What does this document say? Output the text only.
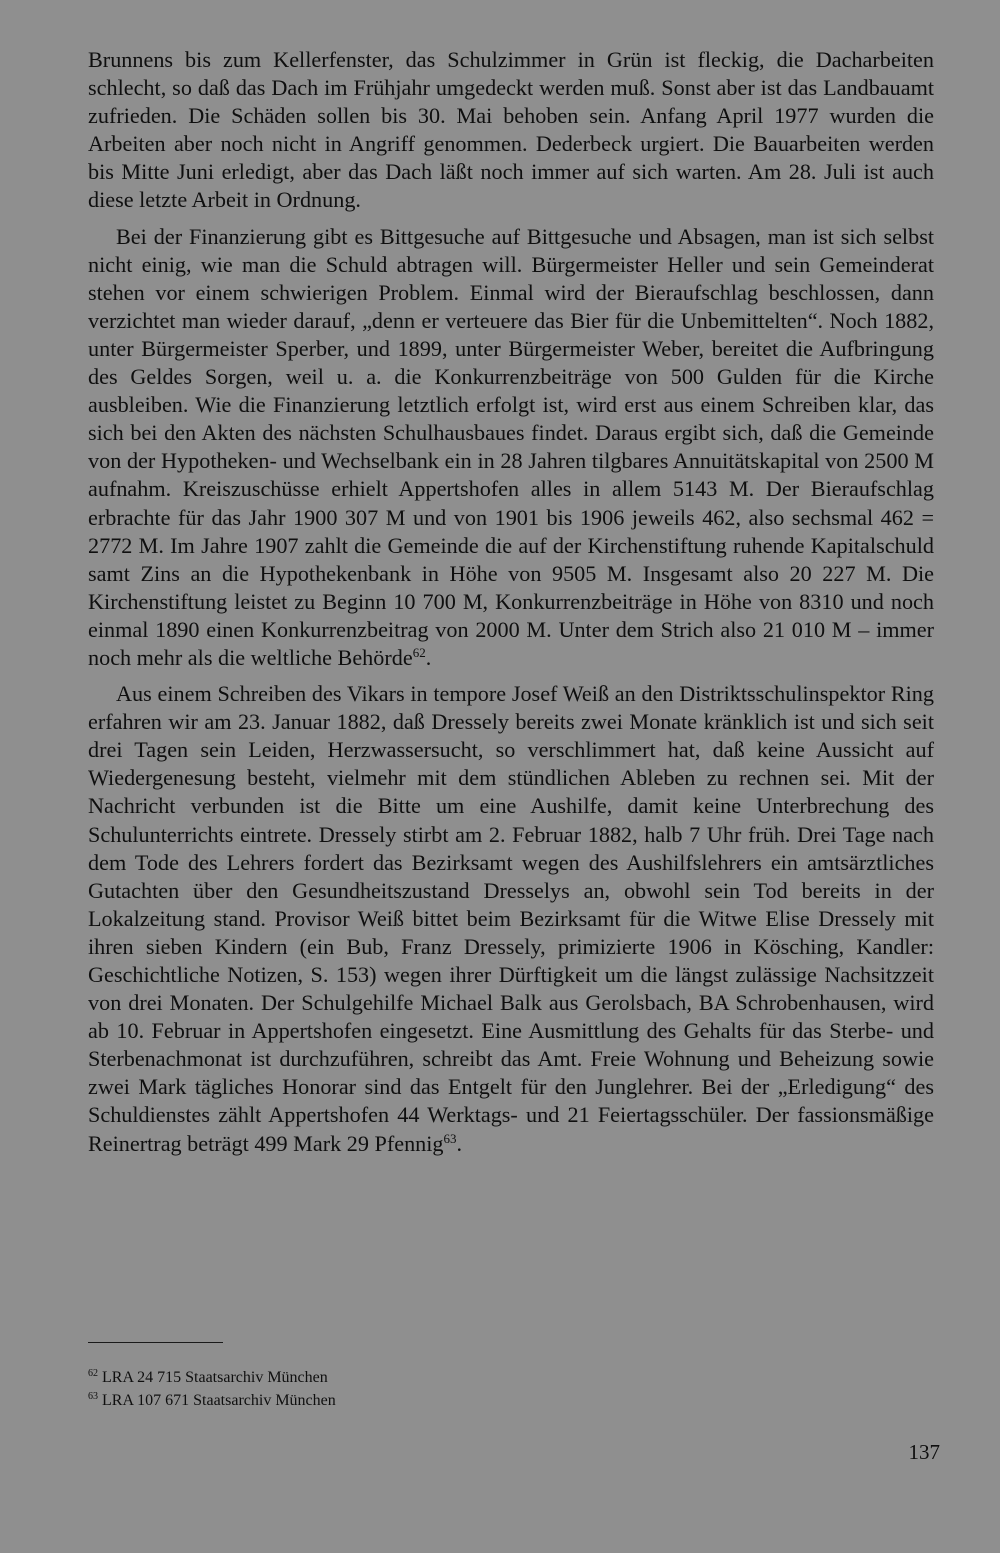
Brunnens bis zum Kellerfenster, das Schulzimmer in Grün ist fleckig, die Dacharbeiten schlecht, so daß das Dach im Frühjahr umgedeckt werden muß. Sonst aber ist das Landbauamt zufrieden. Die Schäden sollen bis 30. Mai behoben sein. Anfang April 1977 wurden die Arbeiten aber noch nicht in Angriff genommen. Dederbeck urgiert. Die Bauarbeiten werden bis Mitte Juni erledigt, aber das Dach läßt noch immer auf sich warten. Am 28. Juli ist auch diese letzte Arbeit in Ordnung.

Bei der Finanzierung gibt es Bittgesuche auf Bittgesuche und Absagen, man ist sich selbst nicht einig, wie man die Schuld abtragen will. Bürgermeister Heller und sein Gemeinderat stehen vor einem schwierigen Problem. Einmal wird der Bieraufschlag beschlossen, dann verzichtet man wieder darauf, „denn er verteuere das Bier für die Unbemittelten“. Noch 1882, unter Bürgermeister Sperber, und 1899, unter Bürgermeister Weber, bereitet die Aufbringung des Geldes Sorgen, weil u. a. die Konkurrenzbeiträge von 500 Gulden für die Kirche ausbleiben. Wie die Finanzierung letztlich erfolgt ist, wird erst aus einem Schreiben klar, das sich bei den Akten des nächsten Schulhausbaues findet. Daraus ergibt sich, daß die Gemeinde von der Hypotheken- und Wechselbank ein in 28 Jahren tilgbares Annuitätskapital von 2500 M aufnahm. Kreiszuschüsse erhielt Appertshofen alles in allem 5143 M. Der Bieraufschlag erbrachte für das Jahr 1900 307 M und von 1901 bis 1906 jeweils 462, also sechsmal 462 = 2772 M. Im Jahre 1907 zahlt die Gemeinde die auf der Kirchenstiftung ruhende Kapitalschuld samt Zins an die Hypothekenbank in Höhe von 9505 M. Insgesamt also 20 227 M. Die Kirchenstiftung leistet zu Beginn 10 700 M, Konkurrenzbeiträge in Höhe von 8310 und noch einmal 1890 einen Konkurrenzbeitrag von 2000 M. Unter dem Strich also 21 010 M – immer noch mehr als die weltliche Behörde$^{62}$.

Aus einem Schreiben des Vikars in tempore Josef Weiß an den Distriktsschulinspektor Ring erfahren wir am 23. Januar 1882, daß Dressely bereits zwei Monate kränklich ist und sich seit drei Tagen sein Leiden, Herzwassersucht, so verschlimmert hat, daß keine Aussicht auf Wiedergenesung besteht, vielmehr mit dem stündlichen Ableben zu rechnen sei. Mit der Nachricht verbunden ist die Bitte um eine Aushilfe, damit keine Unterbrechung des Schulunterrichts eintrete. Dressely stirbt am 2. Februar 1882, halb 7 Uhr früh. Drei Tage nach dem Tode des Lehrers fordert das Bezirksamt wegen des Aushilfslehrers ein amtsärztliches Gutachten über den Gesundheitszustand Dresselys an, obwohl sein Tod bereits in der Lokalzeitung stand. Provisor Weiß bittet beim Bezirksamt für die Witwe Elise Dressely mit ihren sieben Kindern (ein Bub, Franz Dressely, primizierte 1906 in Kösching, Kandler: Geschichtliche Notizen, S. 153) wegen ihrer Dürftigkeit um die längst zulässige Nachsitzzeit von drei Monaten. Der Schulgehilfe Michael Balk aus Gerolsbach, BA Schrobenhausen, wird ab 10. Februar in Appertshofen eingesetzt. Eine Ausmittlung des Gehalts für das Sterbe- und Sterbenachmonat ist durchzuführen, schreibt das Amt. Freie Wohnung und Beheizung sowie zwei Mark tägliches Honorar sind das Entgelt für den Junglehrer. Bei der „Erledigung“ des Schuldienstes zählt Appertshofen 44 Werktags- und 21 Feiertagsschüler. Der fassionsmäßige Reinertrag beträgt 499 Mark 29 Pfennig$^{63}$.

$^{62}$ LRA 24 715 Staatsarchiv München

$^{63}$ LRA 107 671 Staatsarchiv München

137
